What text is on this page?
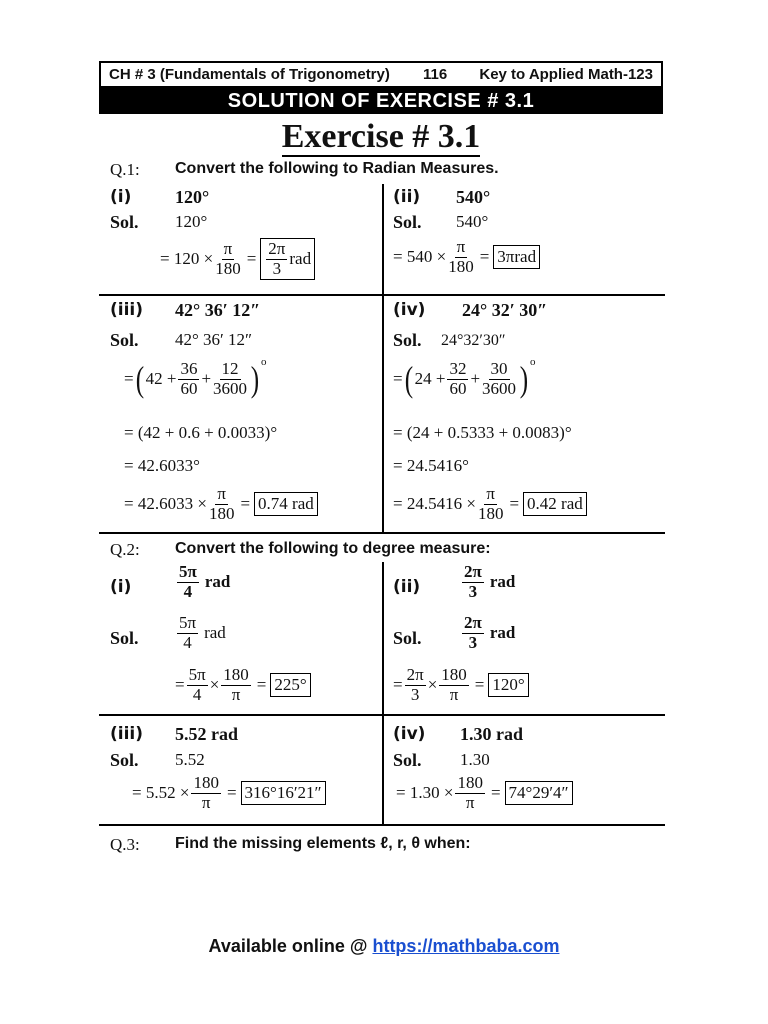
CH # 3 (Fundamentals of Trigonometry) 116 Key to Applied Math-123
SOLUTION OF EXERCISE # 3.1
Exercise # 3.1
Q.1: Convert the following to Radian Measures.
(i) 120°
Sol. 120°
= $120 \times \frac{\pi}{180} = \frac{2\pi}{3}$ rad
(ii) 540°
Sol. 540°
= $540 \times \frac{\pi}{180} = 3\pi rad$
(iii) 42° 36′ 12″
Sol. 42° 36′ 12″
= ( $42 + \frac{36}{60} + \frac{12}{3600}$ ) o
= (42 + 0.6 + 0.0033)°
= 42.6033°
= $42.6033 \times \frac{\pi}{180} = 0.74$ rad
(iv) 24° 32′ 30″
Sol. 24°32′30″
= ( $24 + \frac{32}{60} + \frac{30}{3600}$ ) o
= (24 + 0.5333 + 0.0083)°
= 24.5416°
= $24.5416 \times \frac{\pi}{180} = 0.42$ rad
Q.2: Convert the following to degree measure:
(i)	$\frac{5\pi}{4}$ rad
Sol. $\frac{5\pi}{4}$ rad
= $\frac{5\pi}{4} \times \frac{180}{\pi} = 225^\circ$
$(ii) \frac{2\pi}{3}$ rad
Sol. $\frac{2\pi}{3}$ rad
= $\frac{2\pi}{3} \times \frac{180}{\pi} = 120^\circ$
(iii) 5.52 rad
Sol. 5.52
= $5.52 \times \frac{180}{\pi} = 316^\circ 16'21''$
(iv) 1.30 rad
Sol. 1.30
= $1.30 \times \frac{180}{\pi} = 74^\circ 29'4''$
Q.3: Find the missing elements ℓ, r, θ when:
Available online @ https://mathbaba.com
